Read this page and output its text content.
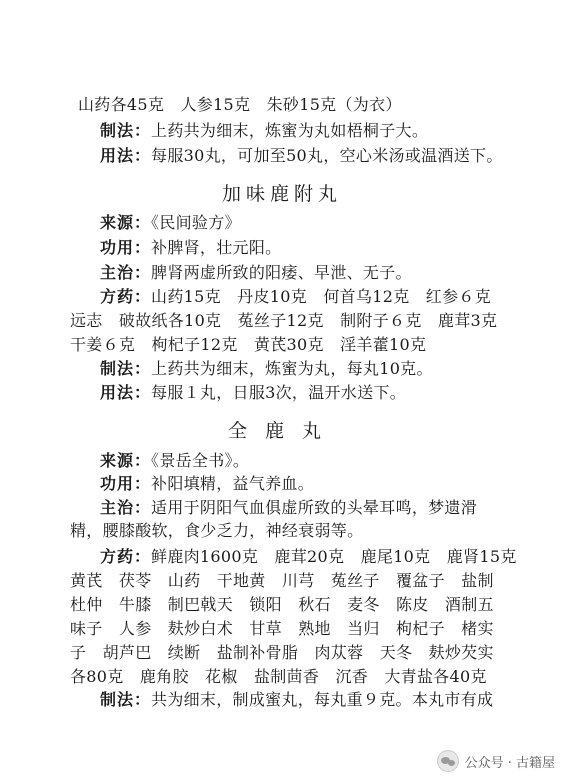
山药各45克　人参15克　朱砂15克（为衣）
制法：上药共为细末，炼蜜为丸如梧桐子大。
用法：每服30丸，可加至50丸，空心米汤或温酒送下。
加味鹿附丸
来源：《民间验方》
功用：补脾肾，壮元阳。
主治：脾肾两虚所致的阳痿、早泄、无子。
方药：山药15克　丹皮10克　何首乌12克　红参６克
远志　破故纸各10克　菟丝子12克　制附子６克　鹿茸3克
干姜６克　枸杞子12克　黄芪30克　淫羊藿10克
制法：上药共为细末，炼蜜为丸，每丸10克。
用法：每服１丸，日服3次，温开水送下。
全鹿丸
来源：《景岳全书》。
功用：补阳填精，益气养血。
主治：适用于阴阳气血俱虚所致的头晕耳鸣，梦遗滑
精，腰膝酸软，食少乏力，神经衰弱等。
方药：鲜鹿肉1600克　鹿茸20克　鹿尾10克　鹿肾15克
黄芪　茯苓　山药　干地黄　川芎　菟丝子　覆盆子　盐制
杜仲　牛膝　制巴戟天　锁阳　秋石　麦冬　陈皮　酒制五
味子　人参　麸炒白术　甘草　熟地　当归　枸杞子　楮实
子　胡芦巴　续断　盐制补骨脂　肉苁蓉　天冬　麸炒芡实
各80克　鹿角胶　花椒　盐制茴香　沉香　大青盐各40克
制法：共为细末，制成蜜丸，每丸重９克。本丸市有成
公众号 · 古籍屋
